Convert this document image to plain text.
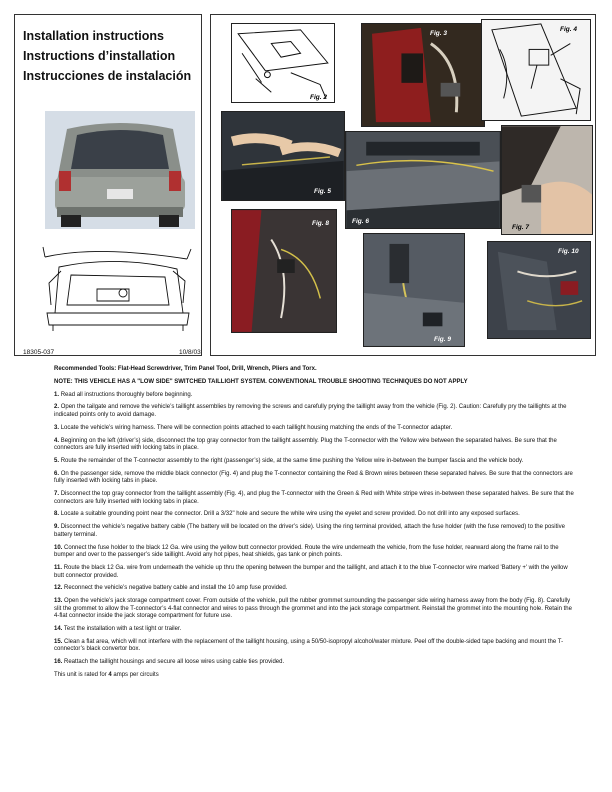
Installation instructions
Instructions d’installation
Instrucciones de instalación
18305-037	10/8/03
Fig. 2
Fig. 3
Fig. 4
Fig. 5
Fig. 6
Fig. 7
Fig. 8
Fig. 9
Fig. 10

Recommended Tools: Flat-Head Screwdriver, Trim Panel Tool, Drill, Wrench, Pliers and Torx.

NOTE: THIS VEHICLE HAS A "LOW SIDE" SWITCHED TAILLIGHT SYSTEM. CONVENTIONAL TROUBLE SHOOTING TECHNIQUES DO NOT APPLY

1. Read all instructions thoroughly before beginning.

2. Open the tailgate and remove the vehicle’s taillight assemblies by removing the screws and carefully prying the taillight away from the vehicle (Fig. 2). Caution: Carefully pry the taillights at the indicated points only to avoid damage.

3. Locate the vehicle’s wiring harness. There will be connection points attached to each taillight housing matching the ends of the T-connector adapter.

4. Beginning on the left (driver’s) side, disconnect the top gray connector from the taillight assembly. Plug the T-connector with the Yellow wire between the separated halves. Be sure that the connectors are fully inserted with locking tabs in place.

5. Route the remainder of the T-connector assembly to the right (passenger’s) side, at the same time pushing the Yellow wire in-between the bumper fascia and the vehicle body.

6. On the passenger side, remove the middle black connector (Fig. 4) and plug the T-connector containing the Red & Brown wires between these separated halves. Be sure that the connectors are fully inserted with locking tabs in place.

7. Disconnect the top gray connector from the taillight assembly (Fig. 4), and plug the T-connector with the Green & Red with White stripe wires in-between these separated halves. Be sure that the connectors are fully inserted with locking tabs in place.

8. Locate a suitable grounding point near the connector. Drill a 3/32" hole and secure the white wire using the eyelet and screw provided. Do not drill into any exposed surfaces.

9. Disconnect the vehicle’s negative battery cable (The battery will be located on the driver’s side). Using the ring terminal provided, attach the fuse holder (with the fuse removed) to the positive battery terminal.

10. Connect the fuse holder to the black 12 Ga. wire using the yellow butt connector provided. Route the wire underneath the vehicle, from the fuse holder, rearward along the frame rail to the bumper and over to the passenger’s side taillight. Avoid any hot pipes, heat shields, gas tank or pinch points.

11. Route the black 12 Ga. wire from underneath the vehicle up thru the opening between the bumper and the taillight, and attach it to the blue T-connector wire marked 'Battery +' with the yellow butt connector provided.

12. Reconnect the vehicle’s negative battery cable and install the 10 amp fuse provided.

13. Open the vehicle’s jack storage compartment cover. From outside of the vehicle, pull the rubber grommet surrounding the passenger side wiring harness away from the body (Fig. 8). Carefully slit the grommet to allow the T-connector’s 4-flat connector and wires to pass through the grommet and into the jack storage compartment. Reinstall the grommet into the mounting hole. Retain the 4-flat connector inside the jack storage compartment for future use.

14. Test the installation with a test light or trailer.

15. Clean a flat area, which will not interfere with the replacement of the taillight housing, using a 50/50-isopropyl alcohol/water mixture. Peel off the double-sided tape backing and mount the T-connector’s black convertor box.

16. Reattach the taillight housings and secure all loose wires using cable ties provided.

This unit is rated for 4 amps per circuits
